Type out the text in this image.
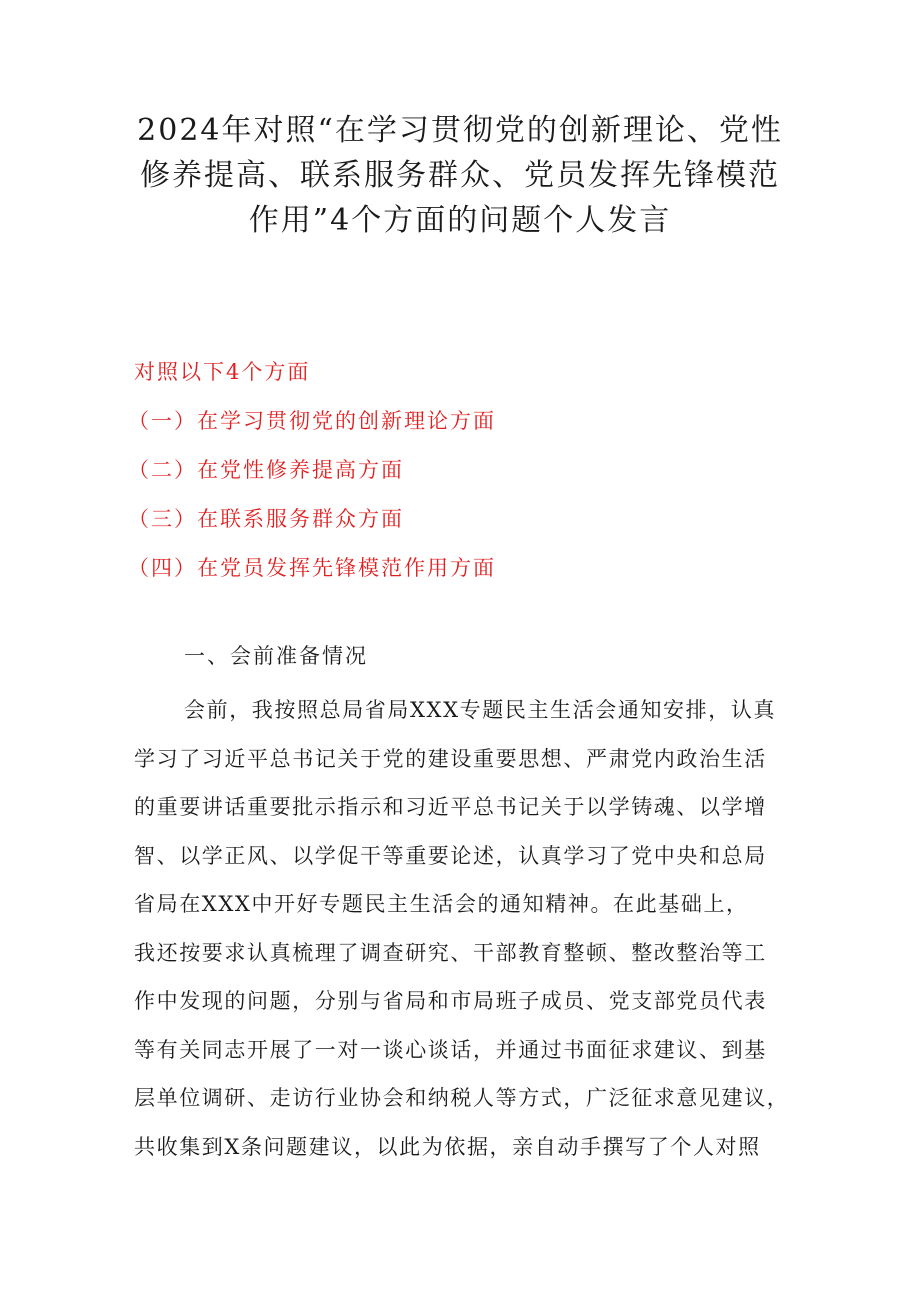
2024年对照“在学习贯彻党的创新理论、党性
修养提高、联系服务群众、党员发挥先锋模范
作用”4个方面的问题个人发言
对照以下4个方面
（一）在学习贯彻党的创新理论方面
（二）在党性修养提高方面
（三）在联系服务群众方面
（四）在党员发挥先锋模范作用方面
一、会前准备情况
会前，我按照总局省局XXX专题民主生活会通知安排，认真
学习了习近平总书记关于党的建设重要思想、严肃党内政治生活
的重要讲话重要批示指示和习近平总书记关于以学铸魂、以学增
智、以学正风、以学促干等重要论述，认真学习了党中央和总局
省局在XXX中开好专题民主生活会的通知精神。在此基础上，
我还按要求认真梳理了调查研究、干部教育整顿、整改整治等工
作中发现的问题，分别与省局和市局班子成员、党支部党员代表
等有关同志开展了一对一谈心谈话，并通过书面征求建议、到基
层单位调研、走访行业协会和纳税人等方式，广泛征求意见建议，
共收集到X条问题建议，以此为依据，亲自动手撰写了个人对照
